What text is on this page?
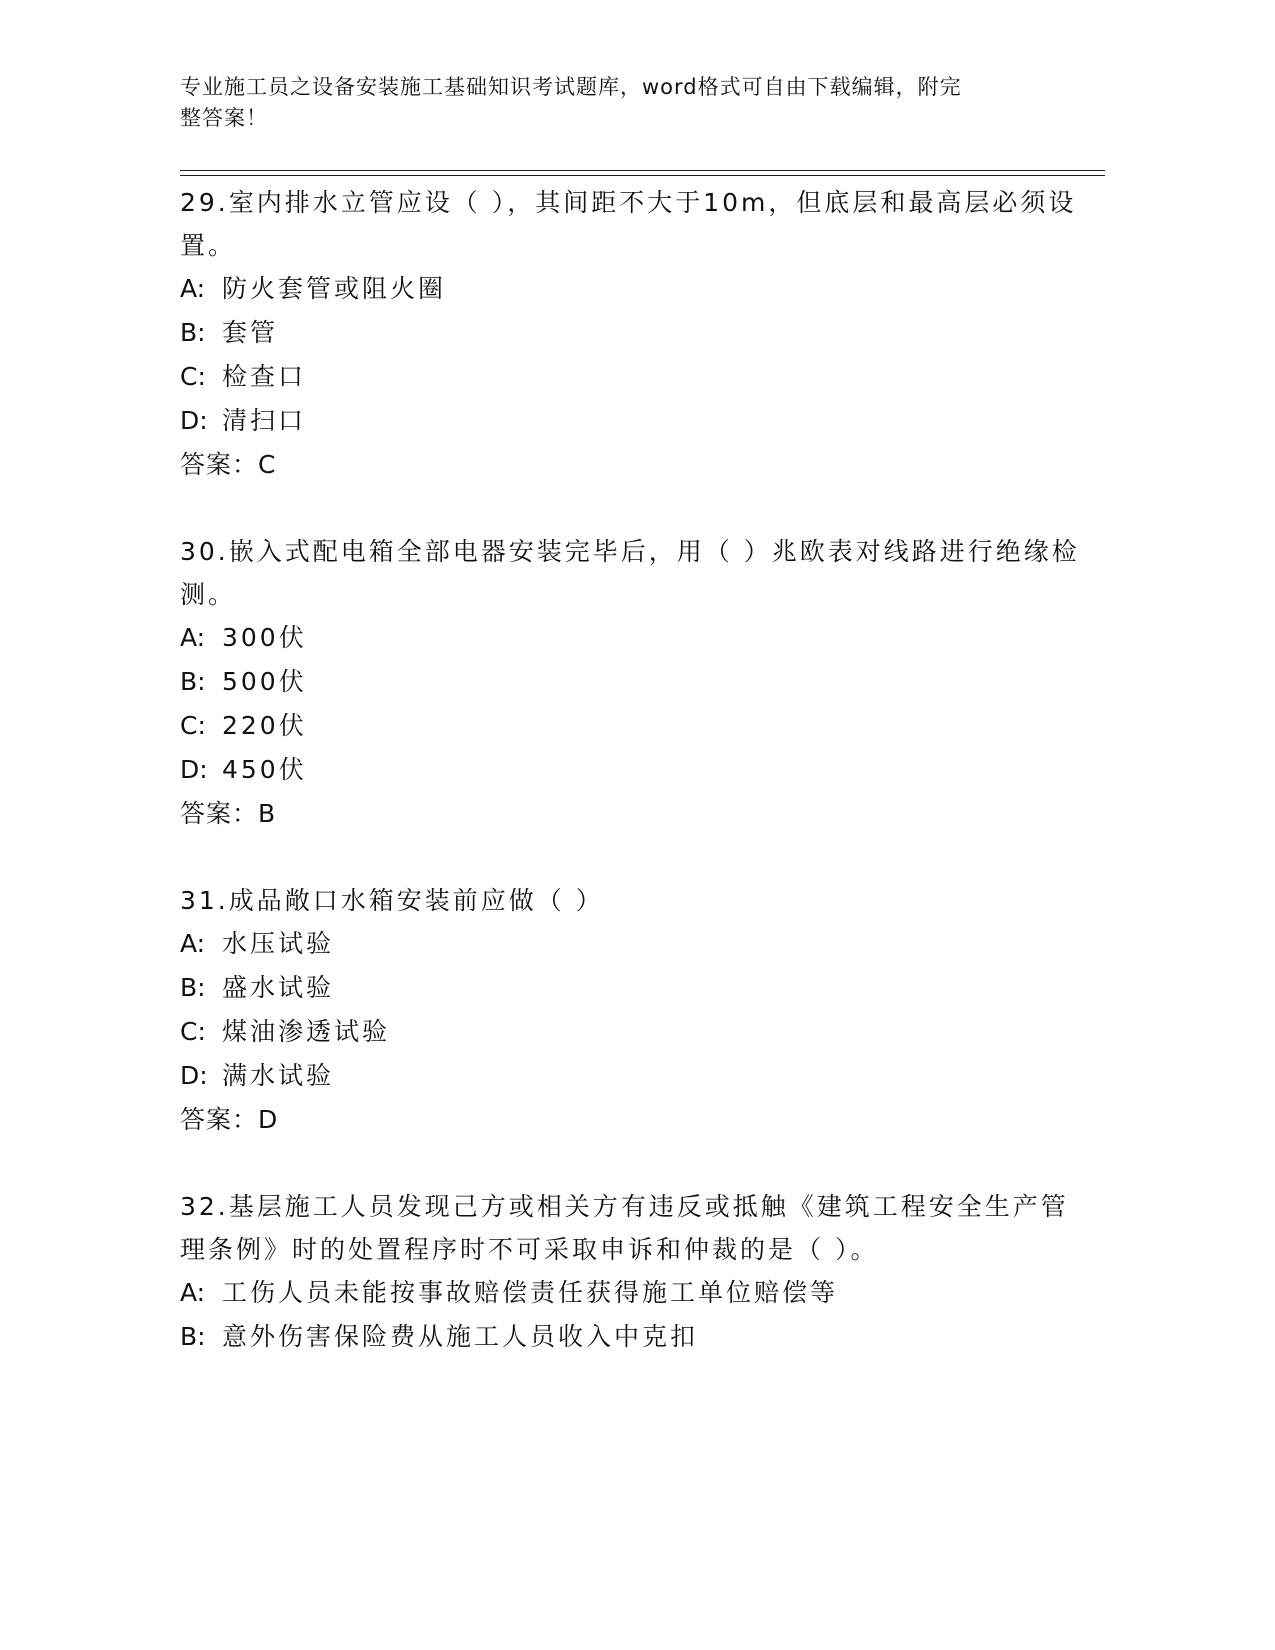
专业施工员之设备安装施工基础知识考试题库，word格式可自由下载编辑，附完
整答案！

29.室内排水立管应设（ ），其间距不大于10m，但底层和最高层必须设置。

A: 防火套管或阻火圈

B: 套管

C: 检查口

D: 清扫口

答案：C

30.嵌入式配电箱全部电器安装完毕后，用（ ）兆欧表对线路进行绝缘检测。

A: 300伏

B: 500伏

C: 220伏

D: 450伏

答案：B

31.成品敞口水箱安装前应做（ ）

A: 水压试验

B: 盛水试验

C: 煤油渗透试验

D: 满水试验

答案：D

32.基层施工人员发现己方或相关方有违反或抵触《建筑工程安全生产管理条例》时的处置程序时不可采取申诉和仲裁的是（ ）。

A: 工伤人员未能按事故赔偿责任获得施工单位赔偿等

B: 意外伤害保险费从施工人员收入中克扣
